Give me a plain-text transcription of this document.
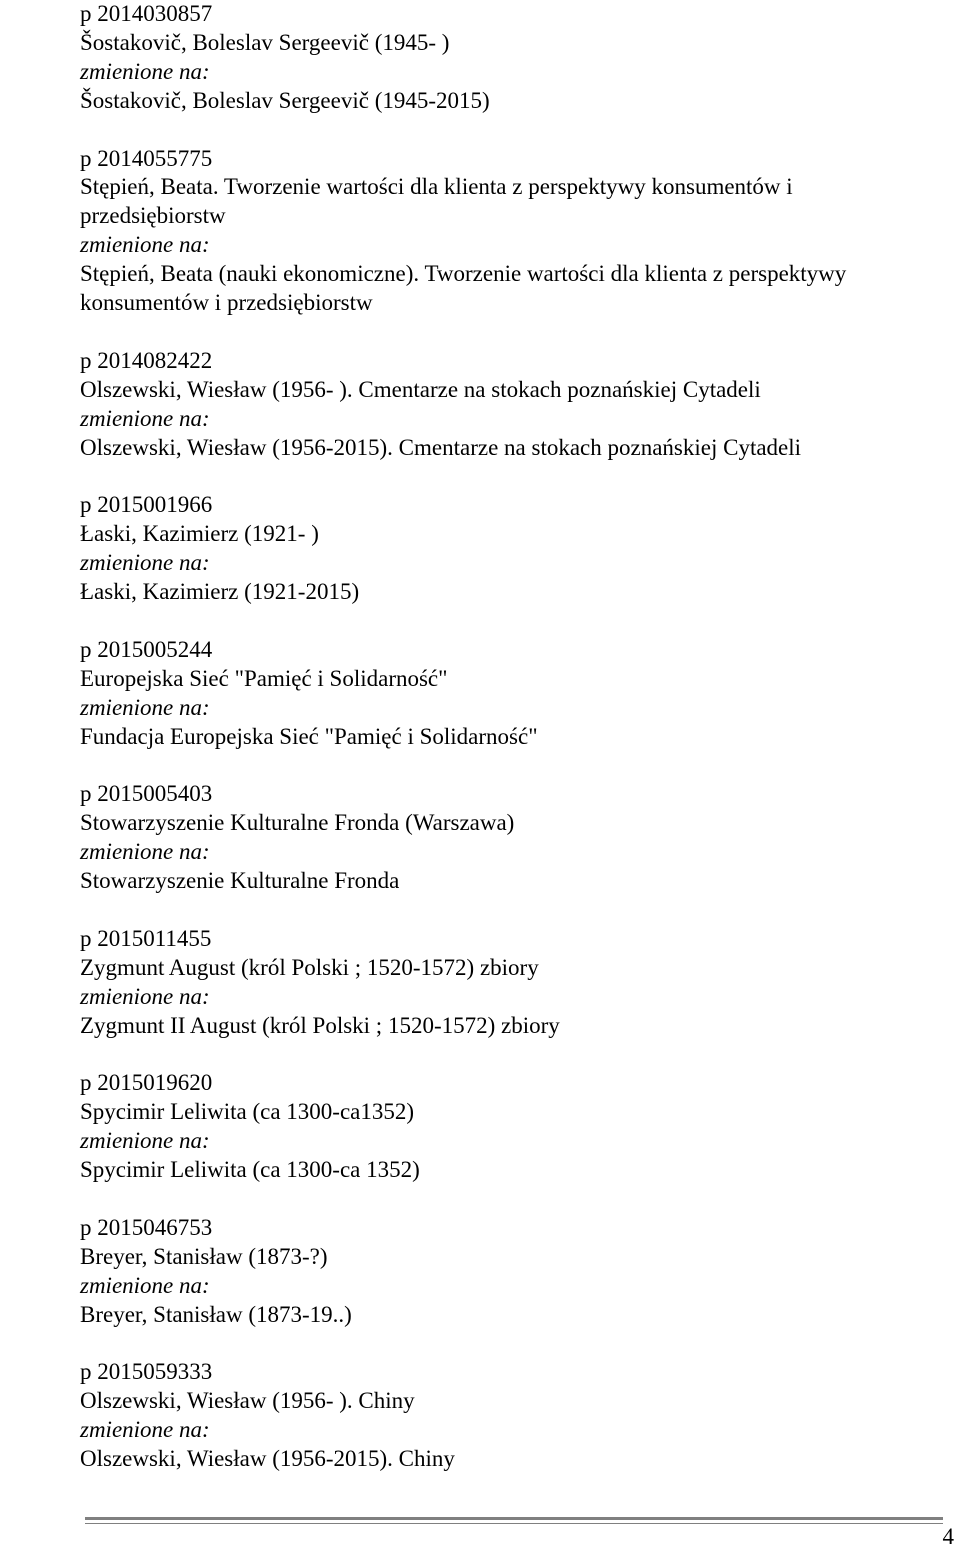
p 2014030857
Šostakovič, Boleslav Sergeevič (1945- )
zmienione na:
Šostakovič, Boleslav Sergeevič (1945-2015)
p 2014055775
Stępień, Beata. Tworzenie wartości dla klienta z perspektywy konsumentów i przedsiębiorstw
zmienione na:
Stępień, Beata (nauki ekonomiczne). Tworzenie wartości dla klienta z perspektywy konsumentów i przedsiębiorstw
p 2014082422
Olszewski, Wiesław (1956- ). Cmentarze na stokach poznańskiej Cytadeli
zmienione na:
Olszewski, Wiesław (1956-2015). Cmentarze na stokach poznańskiej Cytadeli
p 2015001966
Łaski, Kazimierz (1921- )
zmienione na:
Łaski, Kazimierz (1921-2015)
p 2015005244
Europejska Sieć "Pamięć i Solidarność"
zmienione na:
Fundacja Europejska Sieć "Pamięć i Solidarność"
p 2015005403
Stowarzyszenie Kulturalne Fronda (Warszawa)
zmienione na:
Stowarzyszenie Kulturalne Fronda
p 2015011455
Zygmunt August (król Polski ; 1520-1572) zbiory
zmienione na:
Zygmunt II August (król Polski ; 1520-1572) zbiory
p 2015019620
Spycimir Leliwita (ca 1300-ca1352)
zmienione na:
Spycimir Leliwita (ca 1300-ca 1352)
p 2015046753
Breyer, Stanisław (1873-?)
zmienione na:
Breyer, Stanisław (1873-19..)
p 2015059333
Olszewski, Wiesław (1956- ). Chiny
zmienione na:
Olszewski, Wiesław (1956-2015). Chiny
4
